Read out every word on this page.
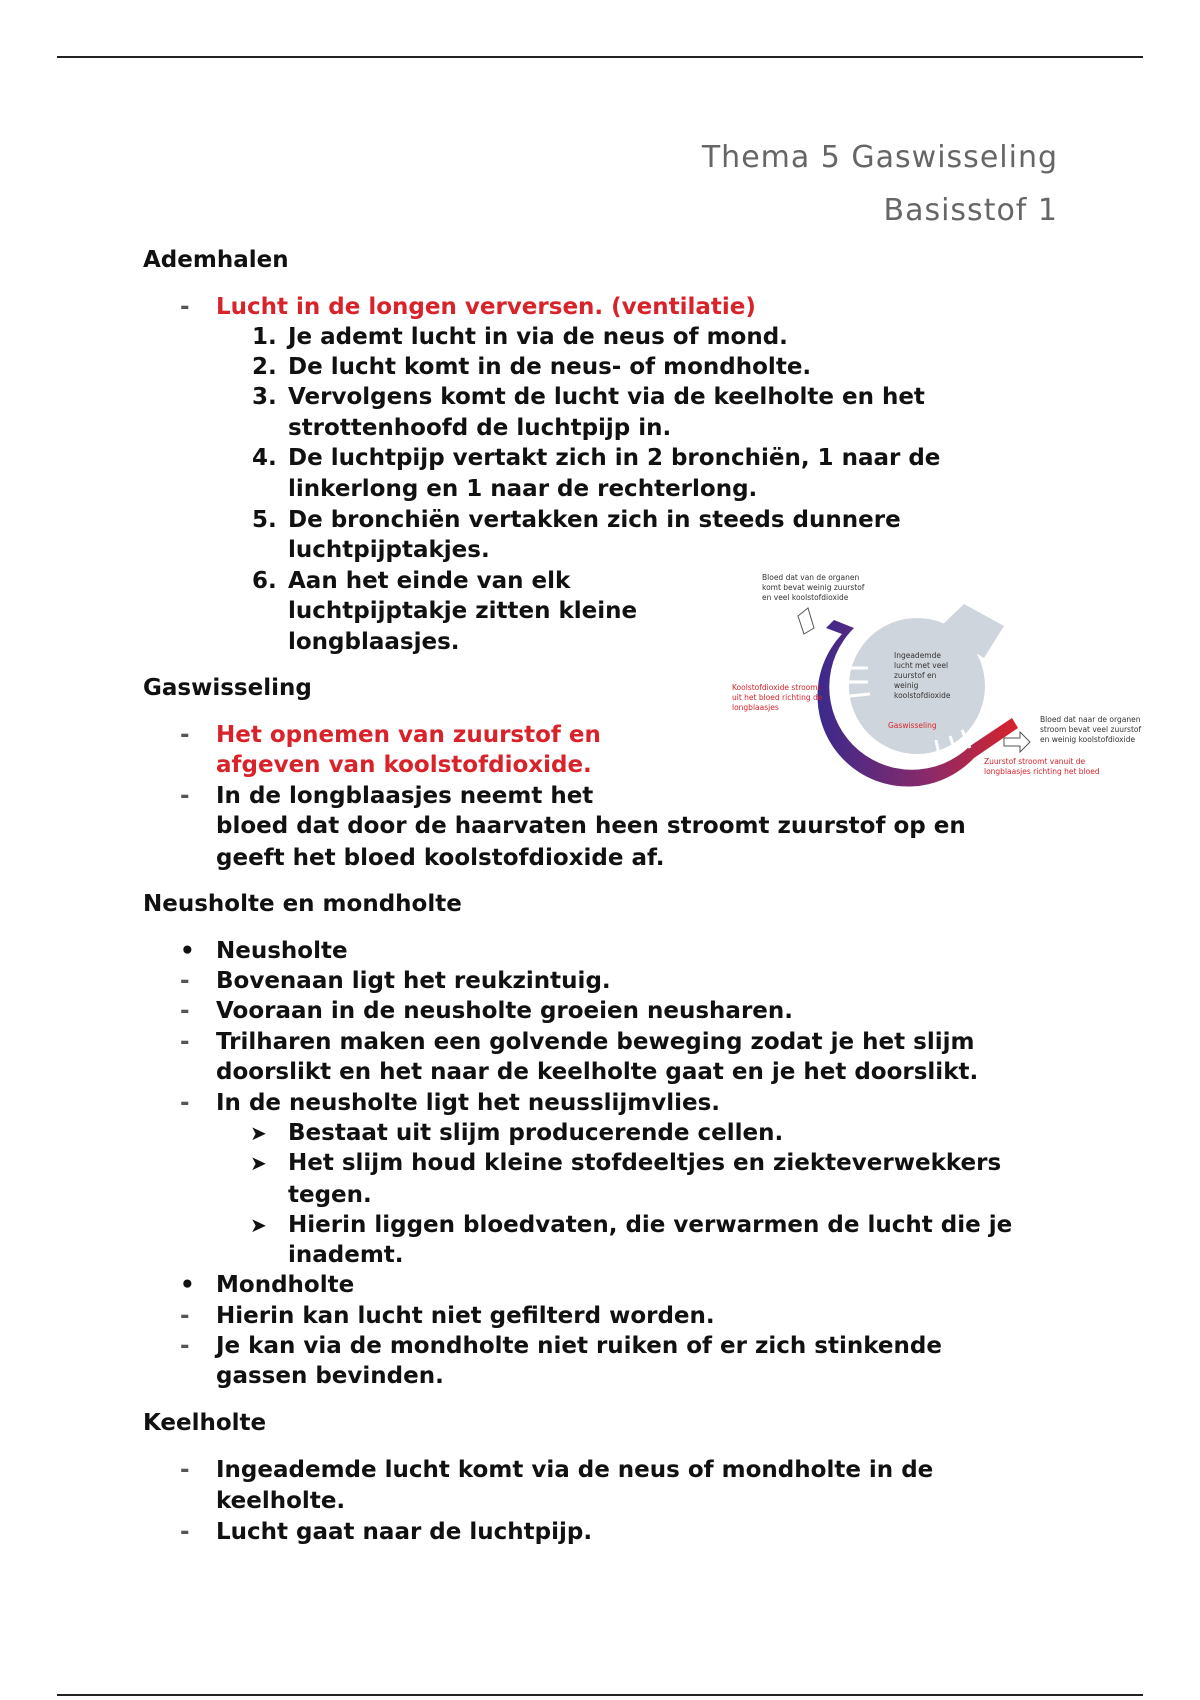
Thema 5 Gaswisseling
Basisstof 1
Ademhalen
- Lucht in de longen verversen. (ventilatie)
1. Je ademt lucht in via de neus of mond.
2. De lucht komt in de neus- of mondholte.
3. Vervolgens komt de lucht via de keelholte en het
strottenhoofd de luchtpijp in.
4. De luchtpijp vertakt zich in 2 bronchiën, 1 naar de
linkerlong en 1 naar de rechterlong.
5. De bronchiën vertakken zich in steeds dunnere
luchtpijptakjes.
6. Aan het einde van elk
luchtpijptakje zitten kleine
longblaasjes.
Gaswisseling
- Het opnemen van zuurstof en
afgeven van koolstofdioxide.
- In de longblaasjes neemt het
bloed dat door de haarvaten heen stroomt zuurstof op en
geeft het bloed koolstofdioxide af.
Neusholte en mondholte
• Neusholte
- Bovenaan ligt het reukzintuig.
- Vooraan in de neusholte groeien neusharen.
- Trilharen maken een golvende beweging zodat je het slijm
doorslikt en het naar de keelholte gaat en je het doorslikt.
- In de neusholte ligt het neusslijmvlies.
➤ Bestaat uit slijm producerende cellen.
➤ Het slijm houd kleine stofdeeltjes en ziekteverwekkers
tegen.
➤ Hierin liggen bloedvaten, die verwarmen de lucht die je
inademt.
• Mondholte
- Hierin kan lucht niet gefilterd worden.
- Je kan via de mondholte niet ruiken of er zich stinkende
gassen bevinden.
Keelholte
- Ingeademde lucht komt via de neus of mondholte in de
keelholte.
- Lucht gaat naar de luchtpijp.
Bloed dat van de organen
komt bevat weinig zuurstof
en veel koolstofdioxide
Ingeademde
lucht met veel
zuurstof en
weinig
koolstofdioxide
Bloed dat naar de organen
stroom bevat veel zuurstof
en weinig koolstofdioxide
Koolstofdioxide stroomt
uit het bloed richting de
longblaasjes
Gaswisseling
Zuurstof stroomt vanuit de
longblaasjes richting het bloed
